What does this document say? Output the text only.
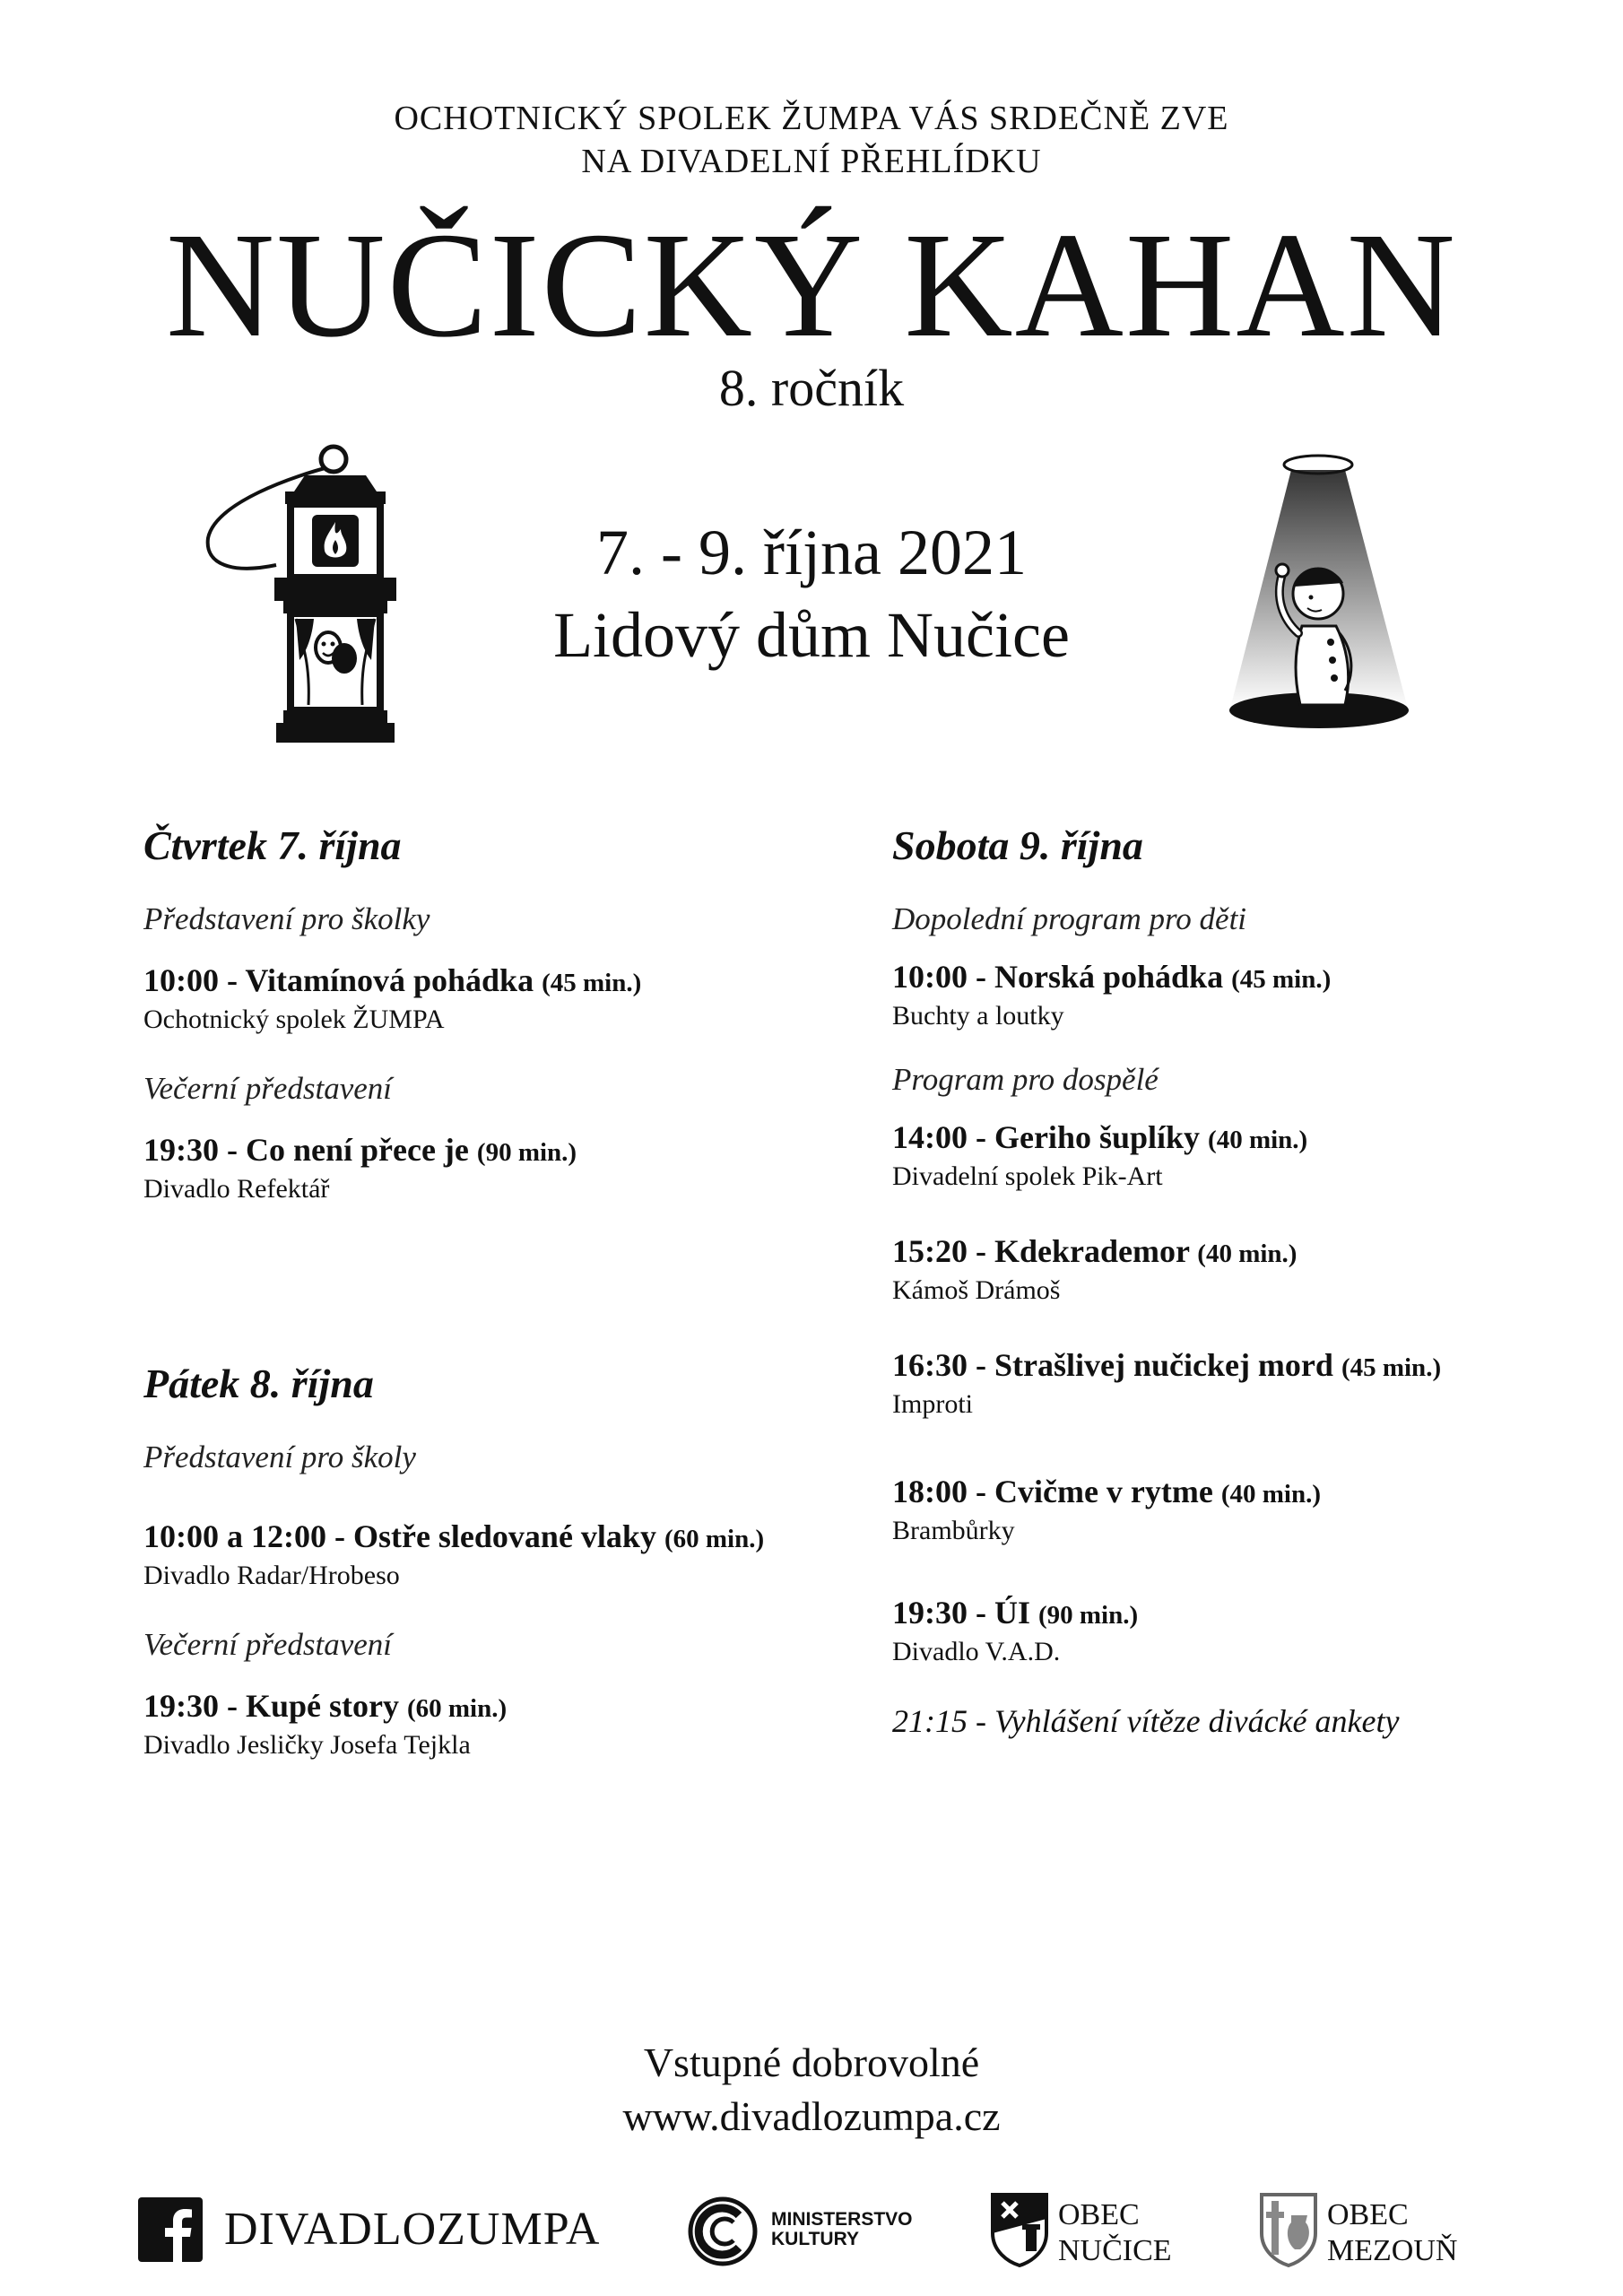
OCHOTNICKÝ SPOLEK ŽUMPA VÁS SRDEČNĚ ZVE
NA DIVADELNÍ PŘEHLÍDKU
NUČICKÝ KAHAN
8. ročník
7. - 9. října 2021
Lidový dům Nučice

Čtvrtek 7. října

Představení pro školky

10:00 - Vitamínová pohádka (45 min.)

Ochotnický spolek ŽUMPA

Večerní představení

19:30 - Co není přece je (90 min.)

Divadlo Refektář

Pátek 8. října

Představení pro školy

10:00 a 12:00 - Ostře sledované vlaky (60 min.)

Divadlo Radar/Hrobeso

Večerní představení

19:30 - Kupé story (60 min.)

Divadlo Jesličky Josefa Tejkla

Sobota 9. října

Dopolední program pro děti

10:00 - Norská pohádka (45 min.)

Buchty a loutky

Program pro dospělé

14:00 - Geriho šuplíky (40 min.)

Divadelní spolek Pik-Art

15:20 - Kdekrademor (40 min.)

Kámoš Drámoš

16:30 - Strašlivej nučickej mord (45 min.)

Improti

18:00 - Cvičme v rytme (40 min.)

Brambůrky

19:30 - ÚI (90 min.)

Divadlo V.A.D.

21:15 - Vyhlášení vítěze divácké ankety

Vstupné dobrovolné
www.divadlozumpa.cz
DIVADLOZUMPA	MINISTERSTVO
KULTURY
OBEC
NUČICE
OBEC
MEZOUŇ
